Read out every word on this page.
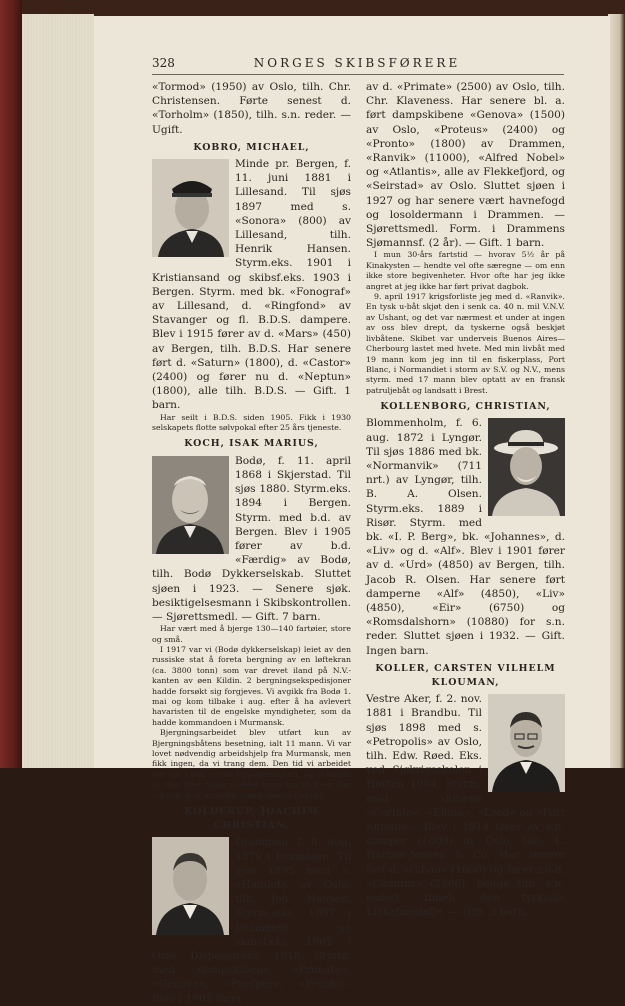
328	NORGES SKIBSFØRERE

«Tormod» (1950) av Oslo, tilh. Chr. Christensen. Førte senest d. «Torholm» (1850), tilh. s.n. reder. — Ugift.

KOBRO, MICHAEL,

Minde pr. Bergen, f. 11. juni 1881 i Lillesand. Til sjøs 1897 med s. «Sonora» (800) av Lillesand, tilh. Henrik Hansen. Styrm.eks. 1901 i Kristiansand og skibsf.eks. 1903 i Bergen. Styrm. med bk. «Fonograf» av Lillesand, d. «Ringfond» av Stavanger og fl. B.D.S. dampere. Blev i 1915 fører av d. «Mars» (450) av Bergen, tilh. B.D.S. Har senere ført d. «Saturn» (1800), d. «Castor» (2400) og fører nu d. «Neptun» (1800), alle tilh. B.D.S. — Gift. 1 barn.

Har seilt i B.D.S. siden 1905. Fikk i 1930 selskapets flotte sølvpokal efter 25 års tjeneste.

KOCH, ISAK MARIUS,

Bodø, f. 11. april 1868 i Skjerstad. Til sjøs 1880. Styrm.eks. 1894 i Bergen. Styrm. med b.d. av Bergen. Blev i 1905 fører av b.d. «Færdig» av Bodø, tilh. Bodø Dykkerselskab. Sluttet sjøen i 1923. — Senere sjøk. besiktigelsesmann i Skibskontrollen. — Sjørettsmedl. — Gift. 7 barn.

Har vært med å bjerge 130—140 fartøier, store og små.

I 1917 var vi (Bodø dykkerselskap) leiet av den russiske stat å foreta bergning av en løftekran (ca. 3800 tonn) som var drevet iland på N.V.-kanten av øen Kildin. 2 bergningsekspedisjoner hadde forsøkt sig forgjeves. Vi avgikk fra Bodø 1. mai og kom tilbake i aug. efter å ha avlevert havaristen til de engelske myndigheter, som da hadde kommandoen i Murmansk.

Bjergningsarbeidet blev utført kun av Bjergningsbåtens besetning, ialt 11 mann. Vi var lovet nødvendig arbeidshjelp fra Murmansk, men fikk ingen, da vi trang dem. Den tid vi arbeidet der var i den verste torpederingstid, og vi hadde til sine tider tyske u-båter kloss inn på livet. Det må sies at vi arbeidet under spente forhold.

KOLDERUP, JOACHIM CHRISTIAN,

Drammen, f. 8. aug. 1879 i Drammen. Til sjøs 1895 med s. «Hamlet» av Oslo, tilh. Joh. Hansen. Styrm.-eks. 1897 i Drammen og skibsf.eks. 1902 i Oslo. Dispasjøreks. 1918. Styrm. med dampskibene «Primate», «Genova», «Prosper», «Pronto». Blev i 1902 fører

av d. «Primate» (2500) av Oslo, tilh. Chr. Klaveness. Har senere bl. a. ført dampskibene «Genova» (1500) av Oslo, «Proteus» (2400) og «Pronto» (1800) av Drammen, «Ranvik» (11000), «Alfred Nobel» og «Atlantis», alle av Flekkefjord, og «Seirstad» av Oslo. Sluttet sjøen i 1927 og har senere vært havnefogd og losoldermann i Drammen. — Sjørettsmedl. Form. i Drammens Sjømannsf. (2 år). — Gift. 1 barn.

I mun 30-års fartstid — hvorav 5½ år på Kinakysten — hendte vel ofte særegne — om enn ikke store begivenheter. Hvor ofte har jeg ikke angret at jeg ikke har ført privat dagbok.

9. april 1917 krigsforliste jeg med d. «Ranvik». En tysk u-båt skjøt den i senk ca. 40 n. mil V.N.V. av Ushant, og det var nærmest et under at ingen av oss blev drept, da tyskerne også beskjøt livbåtene. Skibet var underveis Buenos Aires—Cherbourg lastet med hvete. Med min livbåt med 19 mann kom jeg inn til en fiskerplass, Port Blanc, i Normandiet i storm av S.V. og N.V., mens styrm. med 17 mann blev optatt av en fransk patruljebåt og landsatt i Brest.

KOLLENBORG, CHRISTIAN,

Blommenholm, f. 6. aug. 1872 i Lyngør. Til sjøs 1886 med bk. «Normanvik» (711 nrt.) av Lyngør, tilh. B. A. Olsen. Styrm.eks. 1889 i Risør. Styrm. med bk. «I. P. Berg», bk. «Johannes», d. «Liv» og d. «Alf». Blev i 1901 fører av d. «Urd» (4850) av Bergen, tilh. Jacob R. Olsen. Har senere ført damperne «Alf» (4850), «Liv» (4850), «Eir» (6750) og «Romsdalshorn» (10880) for s.n. reder. Sluttet sjøen i 1932. — Gift. Ingen barn.

KOLLER, CARSTEN VILHELM KLOUMAN,

Vestre Aker, f. 2. nov. 1881 i Brandbu. Til sjøs 1898 med s. «Petropolis» av Oslo, tilh. Edw. Røed. Eks. ved Sjøkrigsskolen i Horten 1904. Styrm. med skibene «Corinto», «Ellida», «Lord» og «Port Antonio». Blev i 1914 fører av s.n. damper (1600) av Oslo, tilh. L. Harboe-Jensen & Co. Har senere ført d. «Cibao» (1600) og fører nu d. «Cadmus» (2500), begge tilh. s.n. rederi. Inneh. den tyrkiske Liakatmedalje. — Gift. 3 barn.
